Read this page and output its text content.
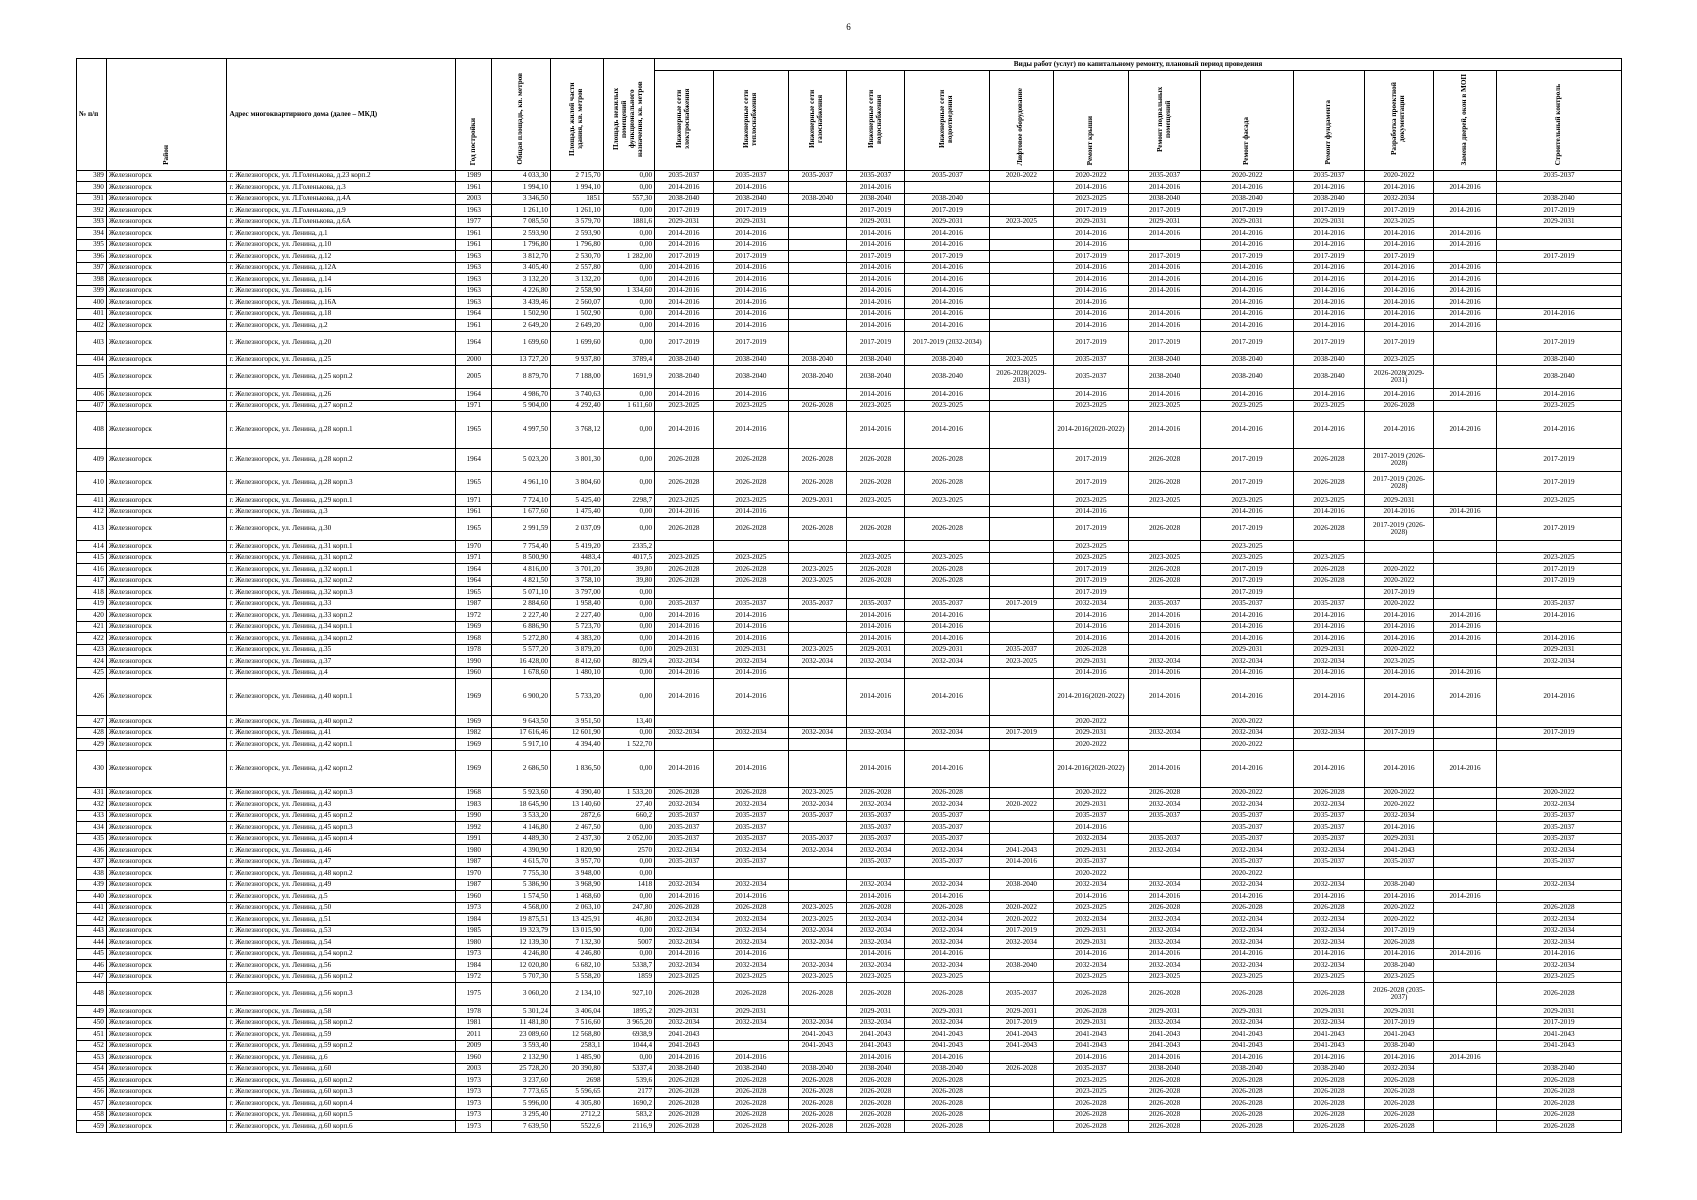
6
№ п/п	Район	Адрес многоквартирного дома (далее – МКД)	Год постройки	Общая площадь, кв. метров	Площадь жилой части здания, кв. метров	Площадь нежилых помещений функционального назначения, кв. метров	Виды работ (услуг) по капитальному ремонту, плановый период проведения												
							Инженерные сети электроснабжения	Инженерные сети теплоснабжения	Инженерные сети газоснабжения	Инженерные сети водоснабжения	Инженерные сети водоотведения	Лифтовое оборудование	Ремонт крыши	Ремонт подвальных помещений	Ремонт фасада	Ремонт фундамента	Разработка проектной документации	Замена дверей, окон в МОП	Строительный контроль
389	Железногорск	г. Железногорск, ул. Л.Голенькова, д.23 корп.2	1989	4 033,30	2 715,70	0,00	2035-2037	2035-2037	2035-2037	2035-2037	2035-2037	2020-2022	2020-2022	2035-2037	2020-2022	2035-2037	2020-2022		2035-2037
390	Железногорск	г. Железногорск, ул. Л.Голенькова, д.3	1961	1 994,10	1 994,10	0,00	2014-2016	2014-2016		2014-2016			2014-2016	2014-2016	2014-2016	2014-2016	2014-2016	2014-2016	
391	Железногорск	г. Железногорск, ул. Л.Голенькова, д.4А	2003	3 346,50	1851	557,30	2038-2040	2038-2040	2038-2040	2038-2040	2038-2040		2023-2025	2038-2040	2038-2040	2038-2040	2032-2034		2038-2040
392	Железногорск	г. Железногорск, ул. Л.Голенькова, д.9	1963	1 261,10	1 261,10	0,00	2017-2019	2017-2019		2017-2019	2017-2019		2017-2019	2017-2019	2017-2019	2017-2019	2017-2019	2014-2016	2017-2019
393	Железногорск	г. Железногорск, ул. Л.Голенькова, д.6А	1977	7 085,50	3 579,70	1881,6	2029-2031	2029-2031		2029-2031	2029-2031	2023-2025	2029-2031	2029-2031	2029-2031	2029-2031	2023-2025		2029-2031
394	Железногорск	г. Железногорск, ул. Ленина, д.1	1961	2 593,90	2 593,90	0,00	2014-2016	2014-2016		2014-2016	2014-2016		2014-2016	2014-2016	2014-2016	2014-2016	2014-2016	2014-2016	
395	Железногорск	г. Железногорск, ул. Ленина, д.10	1961	1 796,80	1 796,80	0,00	2014-2016	2014-2016		2014-2016	2014-2016		2014-2016		2014-2016	2014-2016	2014-2016	2014-2016	
396	Железногорск	г. Железногорск, ул. Ленина, д.12	1963	3 812,70	2 530,70	1 282,00	2017-2019	2017-2019		2017-2019	2017-2019		2017-2019	2017-2019	2017-2019	2017-2019	2017-2019		2017-2019
397	Железногорск	г. Железногорск, ул. Ленина, д.12А	1963	3 405,40	2 557,80	0,00	2014-2016	2014-2016		2014-2016	2014-2016		2014-2016	2014-2016	2014-2016	2014-2016	2014-2016	2014-2016	
398	Железногорск	г. Железногорск, ул. Ленина, д.14	1963	3 132,20	3 132,20	0,00	2014-2016	2014-2016		2014-2016	2014-2016		2014-2016	2014-2016	2014-2016	2014-2016	2014-2016	2014-2016	
399	Железногорск	г. Железногорск, ул. Ленина, д.16	1963	4 226,80	2 558,90	1 334,60	2014-2016	2014-2016		2014-2016	2014-2016		2014-2016	2014-2016	2014-2016	2014-2016	2014-2016	2014-2016	
400	Железногорск	г. Железногорск, ул. Ленина, д.16А	1963	3 439,46	2 560,07	0,00	2014-2016	2014-2016		2014-2016	2014-2016		2014-2016		2014-2016	2014-2016	2014-2016	2014-2016	
401	Железногорск	г. Железногорск, ул. Ленина, д.18	1964	1 502,90	1 502,90	0,00	2014-2016	2014-2016		2014-2016	2014-2016		2014-2016	2014-2016	2014-2016	2014-2016	2014-2016	2014-2016	2014-2016
402	Железногорск	г. Железногорск, ул. Ленина, д.2	1961	2 649,20	2 649,20	0,00	2014-2016	2014-2016		2014-2016	2014-2016		2014-2016	2014-2016	2014-2016	2014-2016	2014-2016	2014-2016	
403	Железногорск	г. Железногорск, ул. Ленина, д.20	1964	1 699,60	1 699,60	0,00	2017-2019	2017-2019		2017-2019	2017-2019 (2032-2034)		2017-2019	2017-2019	2017-2019	2017-2019	2017-2019		2017-2019
404	Железногорск	г. Железногорск, ул. Ленина, д.25	2000	13 727,20	9 937,80	3789,4	2038-2040	2038-2040	2038-2040	2038-2040	2038-2040	2023-2025	2035-2037	2038-2040	2038-2040	2038-2040	2023-2025		2038-2040
405	Железногорск	г. Железногорск, ул. Ленина, д.25 корп.2	2005	8 879,70	7 188,00	1691,9	2038-2040	2038-2040	2038-2040	2038-2040	2038-2040	2026-2028(2029-2031)	2035-2037	2038-2040	2038-2040	2038-2040	2026-2028(2029-2031)		2038-2040
406	Железногорск	г. Железногорск, ул. Ленина, д.26	1964	4 986,70	3 740,63	0,00	2014-2016	2014-2016		2014-2016	2014-2016		2014-2016	2014-2016	2014-2016	2014-2016	2014-2016	2014-2016	2014-2016
407	Железногорск	г. Железногорск, ул. Ленина, д.27 корп.2	1971	5 904,00	4 292,40	1 611,60	2023-2025	2023-2025	2026-2028	2023-2025	2023-2025		2023-2025	2023-2025	2023-2025	2023-2025	2026-2028		2023-2025
408	Железногорск	г. Железногорск, ул. Ленина, д.28 корп.1	1965	4 997,50	3 768,12	0,00	2014-2016	2014-2016		2014-2016	2014-2016		2014-2016(2020-2022)	2014-2016	2014-2016	2014-2016	2014-2016	2014-2016	2014-2016
409	Железногорск	г. Железногорск, ул. Ленина, д.28 корп.2	1964	5 023,20	3 801,30	0,00	2026-2028	2026-2028	2026-2028	2026-2028	2026-2028		2017-2019	2026-2028	2017-2019	2026-2028	2017-2019 (2026-2028)		2017-2019
410	Железногорск	г. Железногорск, ул. Ленина, д.28 корп.3	1965	4 961,10	3 804,60	0,00	2026-2028	2026-2028	2026-2028	2026-2028	2026-2028		2017-2019	2026-2028	2017-2019	2026-2028	2017-2019 (2026-2028)		2017-2019
411	Железногорск	г. Железногорск, ул. Ленина, д.29 корп.1	1971	7 724,10	5 425,40	2298,7	2023-2025	2023-2025	2029-2031	2023-2025	2023-2025		2023-2025	2023-2025	2023-2025	2023-2025	2029-2031		2023-2025
412	Железногорск	г. Железногорск, ул. Ленина, д.3	1961	1 677,60	1 475,40	0,00	2014-2016	2014-2016					2014-2016		2014-2016	2014-2016	2014-2016	2014-2016	
413	Железногорск	г. Железногорск, ул. Ленина, д.30	1965	2 991,59	2 037,09	0,00	2026-2028	2026-2028	2026-2028	2026-2028	2026-2028		2017-2019	2026-2028	2017-2019	2026-2028	2017-2019 (2026-2028)		2017-2019
414	Железногорск	г. Железногорск, ул. Ленина, д.31 корп.1	1970	7 754,40	5 419,20	2335,2							2023-2025		2023-2025				
415	Железногорск	г. Железногорск, ул. Ленина, д.31 корп.2	1971	8 500,90	4483,4	4017,5	2023-2025	2023-2025		2023-2025	2023-2025		2023-2025	2023-2025	2023-2025	2023-2025			2023-2025
416	Железногорск	г. Железногорск, ул. Ленина, д.32 корп.1	1964	4 816,00	3 701,20	39,80	2026-2028	2026-2028	2023-2025	2026-2028	2026-2028		2017-2019	2026-2028	2017-2019	2026-2028	2020-2022		2017-2019
417	Железногорск	г. Железногорск, ул. Ленина, д.32 корп.2	1964	4 821,50	3 758,10	39,80	2026-2028	2026-2028	2023-2025	2026-2028	2026-2028		2017-2019	2026-2028	2017-2019	2026-2028	2020-2022		2017-2019
418	Железногорск	г. Железногорск, ул. Ленина, д.32 корп.3	1965	5 071,10	3 797,00	0,00							2017-2019		2017-2019		2017-2019		
419	Железногорск	г. Железногорск, ул. Ленина, д.33	1987	2 884,60	1 958,40	0,00	2035-2037	2035-2037	2035-2037	2035-2037	2035-2037	2017-2019	2032-2034	2035-2037	2035-2037	2035-2037	2020-2022		2035-2037
420	Железногорск	г. Железногорск, ул. Ленина, д.33 корп.2	1972	2 227,40	2 227,40	0,00	2014-2016	2014-2016		2014-2016	2014-2016		2014-2016	2014-2016	2014-2016	2014-2016	2014-2016	2014-2016	2014-2016
421	Железногорск	г. Железногорск, ул. Ленина, д.34 корп.1	1969	6 886,90	5 723,70	0,00	2014-2016	2014-2016		2014-2016	2014-2016		2014-2016	2014-2016	2014-2016	2014-2016	2014-2016	2014-2016	
422	Железногорск	г. Железногорск, ул. Ленина, д.34 корп.2	1968	5 272,80	4 383,20	0,00	2014-2016	2014-2016		2014-2016	2014-2016		2014-2016	2014-2016	2014-2016	2014-2016	2014-2016	2014-2016	2014-2016
423	Железногорск	г. Железногорск, ул. Ленина, д.35	1978	5 577,20	3 879,20	0,00	2029-2031	2029-2031	2023-2025	2029-2031	2029-2031	2035-2037	2026-2028		2029-2031	2029-2031	2020-2022		2029-2031
424	Железногорск	г. Железногорск, ул. Ленина, д.37	1990	16 428,00	8 412,60	8029,4	2032-2034	2032-2034	2032-2034	2032-2034	2032-2034	2023-2025	2029-2031	2032-2034	2032-2034	2032-2034	2023-2025		2032-2034
425	Железногорск	г. Железногорск, ул. Ленина, д.4	1960	1 678,60	1 480,10	0,00	2014-2016	2014-2016					2014-2016	2014-2016	2014-2016	2014-2016	2014-2016	2014-2016	
426	Железногорск	г. Железногорск, ул. Ленина, д.40 корп.1	1969	6 900,20	5 733,20	0,00	2014-2016	2014-2016		2014-2016	2014-2016		2014-2016(2020-2022)	2014-2016	2014-2016	2014-2016	2014-2016	2014-2016	2014-2016
427	Железногорск	г. Железногорск, ул. Ленина, д.40 корп.2	1969	9 643,50	3 951,50	13,40							2020-2022		2020-2022				
428	Железногорск	г. Железногорск, ул. Ленина, д.41	1982	17 616,46	12 601,90	0,00	2032-2034	2032-2034	2032-2034	2032-2034	2032-2034	2017-2019	2029-2031	2032-2034	2032-2034	2032-2034	2017-2019		2017-2019
429	Железногорск	г. Железногорск, ул. Ленина, д.42 корп.1	1969	5 917,10	4 394,40	1 522,70							2020-2022		2020-2022				
430	Железногорск	г. Железногорск, ул. Ленина, д.42 корп.2	1969	2 686,50	1 836,50	0,00	2014-2016	2014-2016		2014-2016	2014-2016		2014-2016(2020-2022)	2014-2016	2014-2016	2014-2016	2014-2016	2014-2016	
431	Железногорск	г. Железногорск, ул. Ленина, д.42 корп.3	1968	5 923,60	4 390,40	1 533,20	2026-2028	2026-2028	2023-2025	2026-2028	2026-2028		2020-2022	2026-2028	2020-2022	2026-2028	2020-2022		2020-2022
432	Железногорск	г. Железногорск, ул. Ленина, д.43	1983	18 645,90	13 140,60	27,40	2032-2034	2032-2034	2032-2034	2032-2034	2032-2034	2020-2022	2029-2031	2032-2034	2032-2034	2032-2034	2020-2022		2032-2034
433	Железногорск	г. Железногорск, ул. Ленина, д.45 корп.2	1990	3 533,20	2872,6	660,2	2035-2037	2035-2037	2035-2037	2035-2037	2035-2037		2035-2037	2035-2037	2035-2037	2035-2037	2032-2034		2035-2037
434	Железногорск	г. Железногорск, ул. Ленина, д.45 корп.3	1992	4 146,80	2 467,50	0,00	2035-2037	2035-2037		2035-2037	2035-2037		2014-2016		2035-2037	2035-2037	2014-2016		2035-2037
435	Железногорск	г. Железногорск, ул. Ленина, д.45 корп.4	1991	4 489,30	2 437,30	2 052,00	2035-2037	2035-2037	2035-2037	2035-2037	2035-2037		2032-2034	2035-2037	2035-2037	2035-2037	2029-2031		2035-2037
436	Железногорск	г. Железногорск, ул. Ленина, д.46	1980	4 390,90	1 820,90	2570	2032-2034	2032-2034	2032-2034	2032-2034	2032-2034	2041-2043	2029-2031	2032-2034	2032-2034	2032-2034	2041-2043		2032-2034
437	Железногорск	г. Железногорск, ул. Ленина, д.47	1987	4 615,70	3 957,70	0,00	2035-2037	2035-2037		2035-2037	2035-2037	2014-2016	2035-2037		2035-2037	2035-2037	2035-2037		2035-2037
438	Железногорск	г. Железногорск, ул. Ленина, д.48 корп.2	1970	7 755,30	3 948,00	0,00							2020-2022		2020-2022				
439	Железногорск	г. Железногорск, ул. Ленина, д.49	1987	5 386,90	3 968,90	1418	2032-2034	2032-2034		2032-2034	2032-2034	2038-2040	2032-2034	2032-2034	2032-2034	2032-2034	2038-2040		2032-2034
440	Железногорск	г. Железногорск, ул. Ленина, д.5	1960	1 574,50	1 468,60	0,00	2014-2016	2014-2016		2014-2016	2014-2016		2014-2016	2014-2016	2014-2016	2014-2016	2014-2016	2014-2016	
441	Железногорск	г. Железногорск, ул. Ленина, д.50	1973	4 568,00	2 063,10	247,80	2026-2028	2026-2028	2023-2025	2026-2028	2026-2028	2020-2022	2023-2025	2026-2028	2026-2028	2026-2028	2020-2022		2026-2028
442	Железногорск	г. Железногорск, ул. Ленина, д.51	1984	19 875,51	13 425,91	46,80	2032-2034	2032-2034	2023-2025	2032-2034	2032-2034	2020-2022	2032-2034	2032-2034	2032-2034	2032-2034	2020-2022		2032-2034
443	Железногорск	г. Железногорск, ул. Ленина, д.53	1985	19 323,79	13 015,90	0,00	2032-2034	2032-2034	2032-2034	2032-2034	2032-2034	2017-2019	2029-2031	2032-2034	2032-2034	2032-2034	2017-2019		2032-2034
444	Железногорск	г. Железногорск, ул. Ленина, д.54	1980	12 139,30	7 132,30	5007	2032-2034	2032-2034	2032-2034	2032-2034	2032-2034	2032-2034	2029-2031	2032-2034	2032-2034	2032-2034	2026-2028		2032-2034
445	Железногорск	г. Железногорск, ул. Ленина, д.54 корп.2	1973	4 246,80	4 246,80	0,00	2014-2016	2014-2016		2014-2016	2014-2016		2014-2016	2014-2016	2014-2016	2014-2016	2014-2016	2014-2016	2014-2016
446	Железногорск	г. Железногорск, ул. Ленина, д.56	1984	12 020,80	6 682,10	5338,7	2032-2034	2032-2034	2032-2034	2032-2034	2032-2034	2038-2040	2032-2034	2032-2034	2032-2034	2032-2034	2038-2040		2032-2034
447	Железногорск	г. Железногорск, ул. Ленина, д.56 корп.2	1972	5 707,30	5 558,20	1859	2023-2025	2023-2025	2023-2025	2023-2025	2023-2025		2023-2025	2023-2025	2023-2025	2023-2025	2023-2025		2023-2025
448	Железногорск	г. Железногорск, ул. Ленина, д.56 корп.3	1975	3 060,20	2 134,10	927,10	2026-2028	2026-2028	2026-2028	2026-2028	2026-2028	2035-2037	2026-2028	2026-2028	2026-2028	2026-2028	2026-2028 (2035-2037)		2026-2028
449	Железногорск	г. Железногорск, ул. Ленина, д.58	1978	5 301,24	3 406,04	1895,2	2029-2031	2029-2031		2029-2031	2029-2031	2029-2031	2026-2028	2029-2031	2029-2031	2029-2031	2029-2031		2029-2031
450	Железногорск	г. Железногорск, ул. Ленина, д.58 корп.2	1981	11 481,80	7 516,60	3 965,20	2032-2034	2032-2034	2032-2034	2032-2034	2032-2034	2017-2019	2029-2031	2032-2034	2032-2034	2032-2034	2017-2019		2017-2019
451	Железногорск	г. Железногорск, ул. Ленина, д.59	2011	23 089,60	12 568,80	6938,9	2041-2043		2041-2043	2041-2043	2041-2043	2041-2043	2041-2043	2041-2043	2041-2043	2041-2043	2041-2043		2041-2043
452	Железногорск	г. Железногорск, ул. Ленина, д.59 корп.2	2009	3 593,40	2583,1	1044,4	2041-2043		2041-2043	2041-2043	2041-2043	2041-2043	2041-2043	2041-2043	2041-2043	2041-2043	2038-2040		2041-2043
453	Железногорск	г. Железногорск, ул. Ленина, д.6	1960	2 132,90	1 485,90	0,00	2014-2016	2014-2016		2014-2016	2014-2016		2014-2016	2014-2016	2014-2016	2014-2016	2014-2016	2014-2016	
454	Железногорск	г. Железногорск, ул. Ленина, д.60	2003	25 728,20	20 390,80	5337,4	2038-2040	2038-2040	2038-2040	2038-2040	2038-2040	2026-2028	2035-2037	2038-2040	2038-2040	2038-2040	2032-2034		2038-2040
455	Железногорск	г. Железногорск, ул. Ленина, д.60 корп.2	1973	3 237,60	2698	539,6	2026-2028	2026-2028	2026-2028	2026-2028	2026-2028		2023-2025	2026-2028	2026-2028	2026-2028	2026-2028		2026-2028
456	Железногорск	г. Железногорск, ул. Ленина, д.60 корп.3	1973	7 773,65	5 596,65	2177	2026-2028	2026-2028	2026-2028	2026-2028	2026-2028		2023-2025	2026-2028	2026-2028	2026-2028	2026-2028		2026-2028
457	Железногорск	г. Железногорск, ул. Ленина, д.60 корп.4	1973	5 996,00	4 305,80	1690,2	2026-2028	2026-2028	2026-2028	2026-2028	2026-2028		2026-2028	2026-2028	2026-2028	2026-2028	2026-2028		2026-2028
458	Железногорск	г. Железногорск, ул. Ленина, д.60 корп.5	1973	3 295,40	2712,2	583,2	2026-2028	2026-2028	2026-2028	2026-2028	2026-2028		2026-2028	2026-2028	2026-2028	2026-2028	2026-2028		2026-2028
459	Железногорск	г. Железногорск, ул. Ленина, д.60 корп.6	1973	7 639,50	5522,6	2116,9	2026-2028	2026-2028	2026-2028	2026-2028	2026-2028		2026-2028	2026-2028	2026-2028	2026-2028	2026-2028		2026-2028
